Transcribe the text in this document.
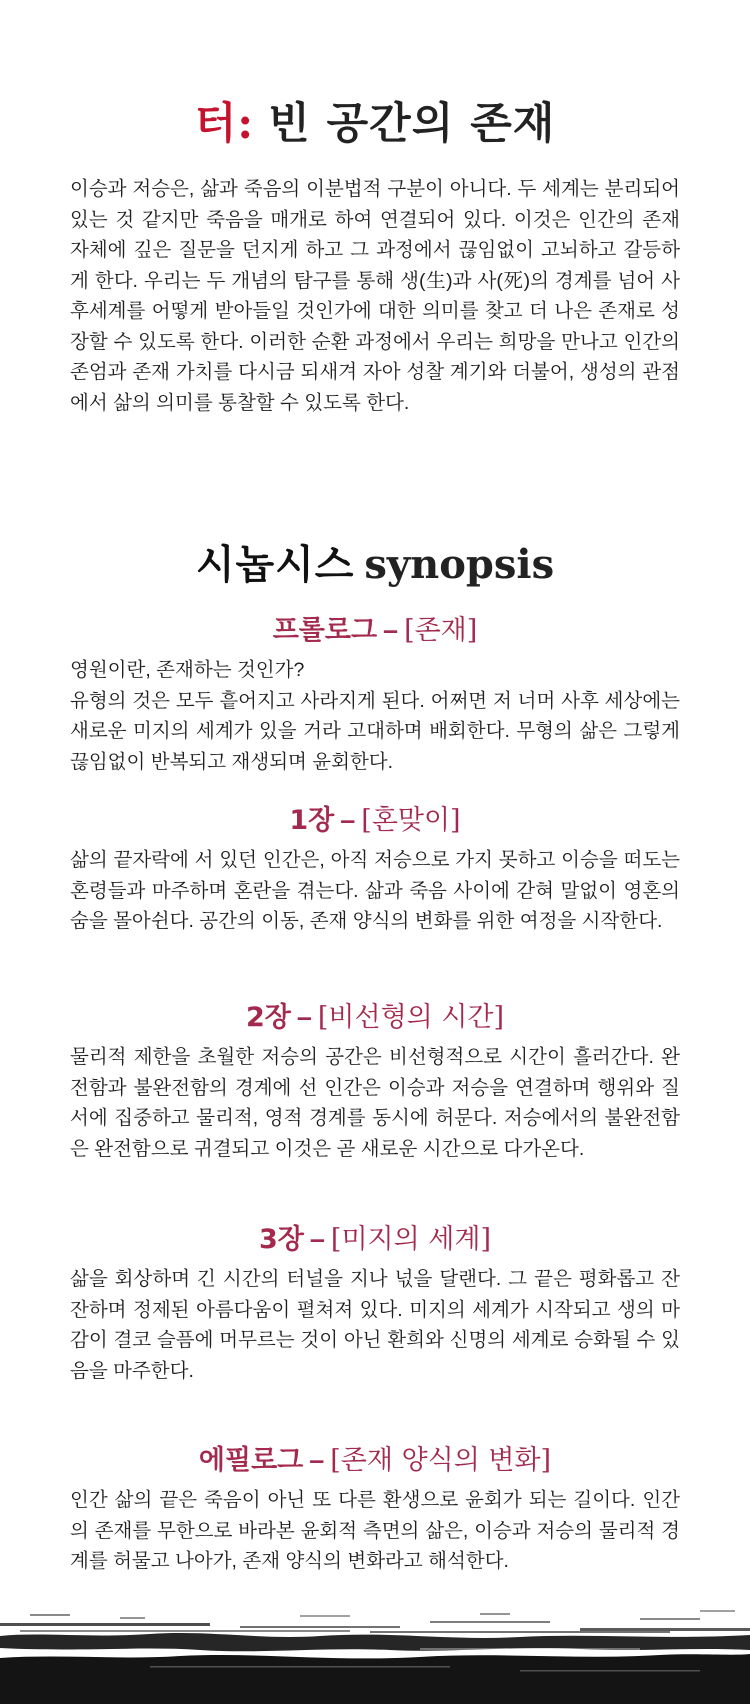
터: 빈 공간의 존재

이승과 저승은, 삶과 죽음의 이분법적 구분이 아니다. 두 세계는 분리되어있는 것 같지만 죽음을 매개로 하여 연결되어 있다. 이것은 인간의 존재 자체에 깊은 질문을 던지게 하고 그 과정에서 끊임없이 고뇌하고 갈등하게 한다. 우리는 두 개념의 탐구를 통해 생(生)과 사(死)의 경계를 넘어 사후세계를 어떻게 받아들일 것인가에 대한 의미를 찾고 더 나은 존재로 성장할 수 있도록 한다. 이러한 순환 과정에서 우리는 희망을 만나고 인간의 존엄과 존재 가치를 다시금 되새겨 자아 성찰 계기와 더불어, 생성의 관점에서 삶의 의미를 통찰할 수 있도록 한다.

시놉시스 synopsis
프롤로그 – [존재]

영원이란, 존재하는 것인가?
유형의 것은 모두 흩어지고 사라지게 된다. 어쩌면 저 너머 사후 세상에는 새로운 미지의 세계가 있을 거라 고대하며 배회한다. 무형의 삶은 그렇게 끊임없이 반복되고 재생되며 윤회한다.

1장 – [혼맞이]

삶의 끝자락에 서 있던 인간은, 아직 저승으로 가지 못하고 이승을 떠도는 혼령들과 마주하며 혼란을 겪는다. 삶과 죽음 사이에 갇혀 말없이 영혼의 숨을 몰아쉰다. 공간의 이동, 존재 양식의 변화를 위한 여정을 시작한다.

2장 – [비선형의 시간]

물리적 제한을 초월한 저승의 공간은 비선형적으로 시간이 흘러간다. 완전함과 불완전함의 경계에 선 인간은 이승과 저승을 연결하며 행위와 질서에 집중하고 물리적, 영적 경계를 동시에 허문다. 저승에서의 불완전함은 완전함으로 귀결되고 이것은 곧 새로운 시간으로 다가온다.

3장 – [미지의 세계]

삶을 회상하며 긴 시간의 터널을 지나 넋을 달랜다. 그 끝은 평화롭고 잔잔하며 정제된 아름다움이 펼쳐져 있다. 미지의 세계가 시작되고 생의 마감이 결코 슬픔에 머무르는 것이 아닌 환희와 신명의 세계로 승화될 수 있음을 마주한다.

에필로그 – [존재 양식의 변화]

인간 삶의 끝은 죽음이 아닌 또 다른 환생으로 윤회가 되는 길이다. 인간의 존재를 무한으로 바라본 윤회적 측면의 삶은, 이승과 저승의 물리적 경계를 허물고 나아가, 존재 양식의 변화라고 해석한다.
